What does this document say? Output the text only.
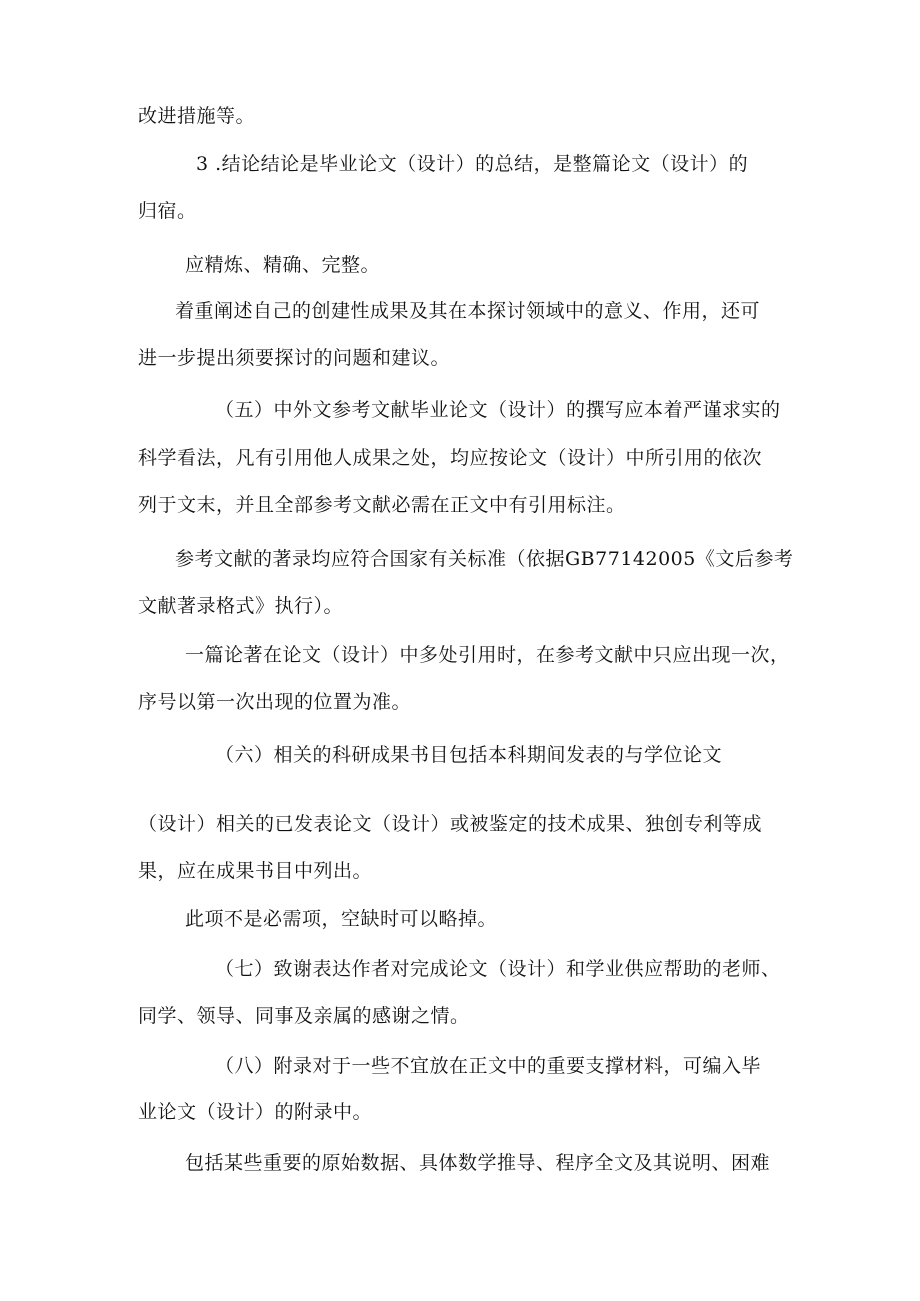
改进措施等。
3 .结论结论是毕业论文（设计）的总结，是整篇论文（设计）的
归宿。
应精炼、精确、完整。
着重阐述自己的创建性成果及其在本探讨领域中的意义、作用，还可
进一步提出须要探讨的问题和建议。
（五）中外文参考文献毕业论文（设计）的撰写应本着严谨求实的
科学看法，凡有引用他人成果之处，均应按论文（设计）中所引用的依次
列于文末，并且全部参考文献必需在正文中有引用标注。
参考文献的著录均应符合国家有关标准（依据GB77142005《文后参考
文献著录格式》执行）。
一篇论著在论文（设计）中多处引用时，在参考文献中只应出现一次，
序号以第一次出现的位置为准。
（六）相关的科研成果书目包括本科期间发表的与学位论文
（设计）相关的已发表论文（设计）或被鉴定的技术成果、独创专利等成
果，应在成果书目中列出。
此项不是必需项，空缺时可以略掉。
（七）致谢表达作者对完成论文（设计）和学业供应帮助的老师、
同学、领导、同事及亲属的感谢之情。
（八）附录对于一些不宜放在正文中的重要支撑材料，可编入毕
业论文（设计）的附录中。
包括某些重要的原始数据、具体数学推导、程序全文及其说明、困难
